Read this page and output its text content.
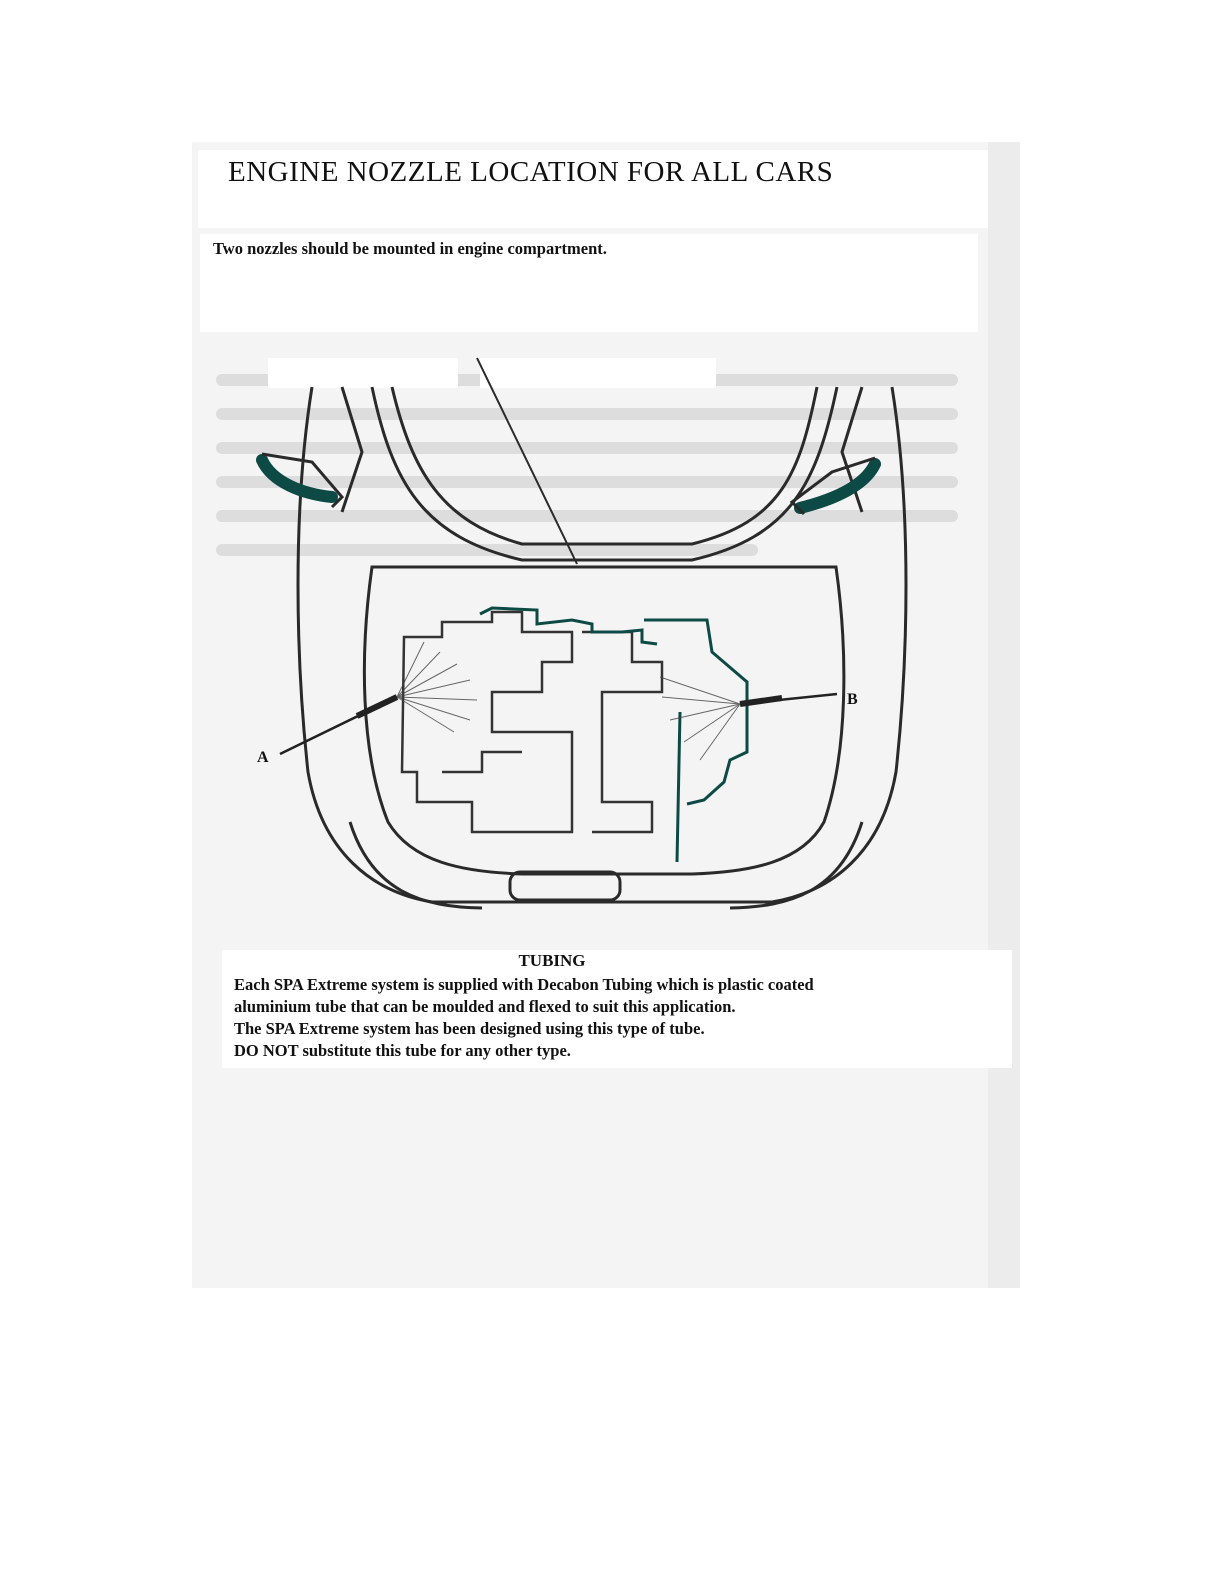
ENGINE NOZZLE LOCATION FOR ALL CARS

Two nozzles should be mounted in engine compartment.

B
A
TUBING
Each SPA Extreme system is supplied with Decabon Tubing which is plastic coated
aluminium tube that can be moulded and flexed to suit this application.
The SPA Extreme system has been designed using this type of tube.
DO NOT substitute this tube for any other type.
